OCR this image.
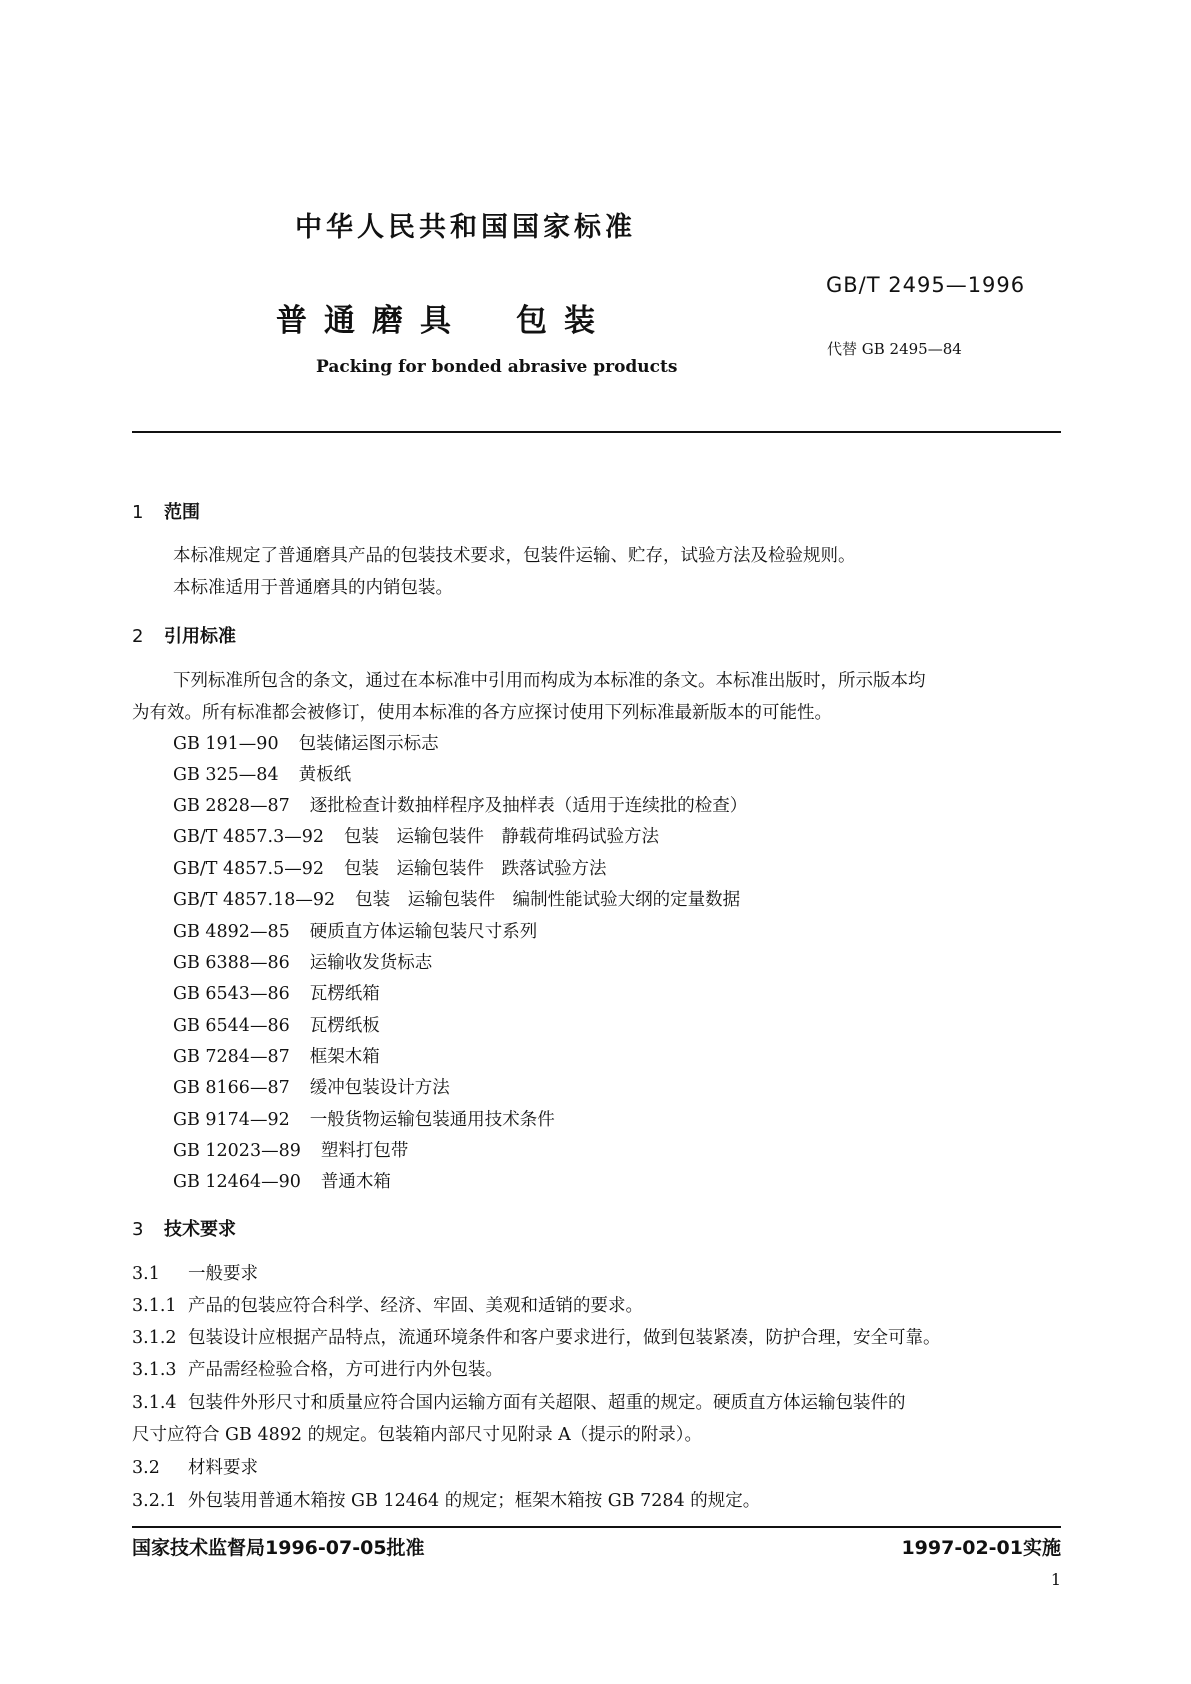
中华人民共和国国家标准
GB/T 2495—1996
普通磨具　包装
代替 GB 2495—84
Packing for bonded abrasive products
1 范围
本标准规定了普通磨具产品的包装技术要求，包装件运输、贮存，试验方法及检验规则。
本标准适用于普通磨具的内销包装。
2 引用标准
下列标准所包含的条文，通过在本标准中引用而构成为本标准的条文。本标准出版时，所示版本均
为有效。所有标准都会被修订，使用本标准的各方应探讨使用下列标准最新版本的可能性。
GB 191—90 包装储运图示标志
GB 325—84 黄板纸
GB 2828—87 逐批检查计数抽样程序及抽样表（适用于连续批的检查）
GB/T 4857.3—92 包装　运输包装件　静载荷堆码试验方法
GB/T 4857.5—92 包装　运输包装件　跌落试验方法
GB/T 4857.18—92 包装　运输包装件　编制性能试验大纲的定量数据
GB 4892—85 硬质直方体运输包装尺寸系列
GB 6388—86 运输收发货标志
GB 6543—86 瓦楞纸箱
GB 6544—86 瓦楞纸板
GB 7284—87 框架木箱
GB 8166—87 缓冲包装设计方法
GB 9174—92 一般货物运输包装通用技术条件
GB 12023—89 塑料打包带
GB 12464—90 普通木箱
3 技术要求
3.1 一般要求
3.1.1 产品的包装应符合科学、经济、牢固、美观和适销的要求。
3.1.2 包装设计应根据产品特点，流通环境条件和客户要求进行，做到包装紧凑，防护合理，安全可靠。
3.1.3 产品需经检验合格，方可进行内外包装。
3.1.4 包装件外形尺寸和质量应符合国内运输方面有关超限、超重的规定。硬质直方体运输包装件的
尺寸应符合 GB 4892 的规定。包装箱内部尺寸见附录 A（提示的附录）。
3.2 材料要求
3.2.1 外包装用普通木箱按 GB 12464 的规定；框架木箱按 GB 7284 的规定。
国家技术监督局1996-07-05批准	1997-02-01实施
1
